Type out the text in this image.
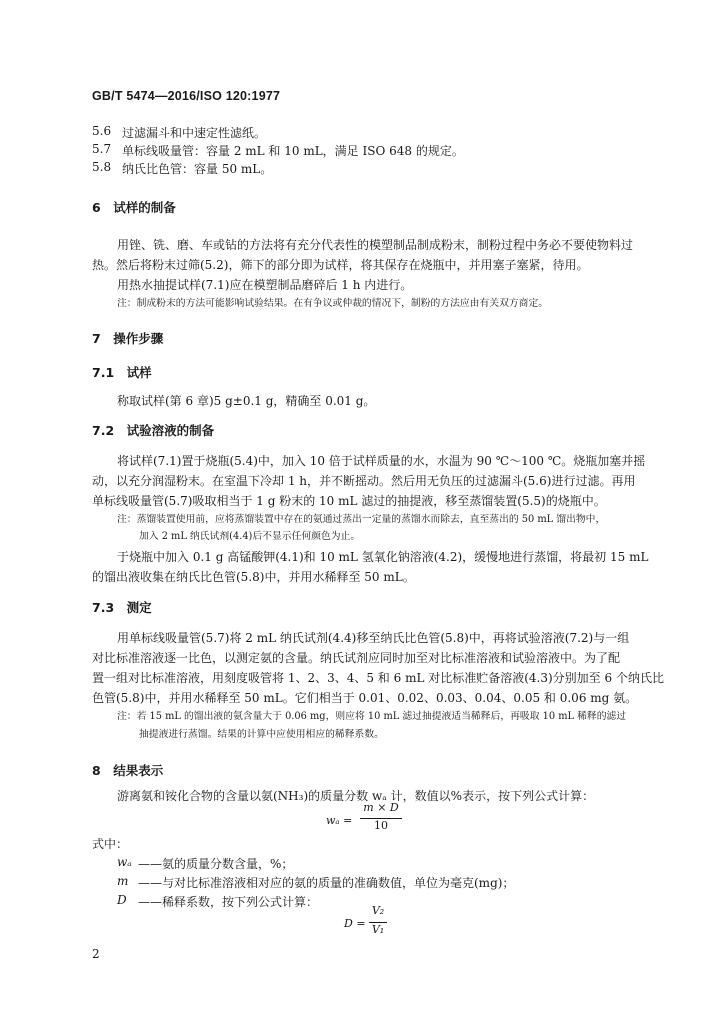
GB/T 5474—2016/ISO 120:1977
5.6 过滤漏斗和中速定性滤纸。
5.7 单标线吸量管：容量 2 mL 和 10 mL，满足 ISO 648 的规定。
5.8 纳氏比色管：容量 50 mL。
6　试样的制备
用锉、铣、磨、车或钻的方法将有充分代表性的模塑制品制成粉末，制粉过程中务必不要使物料过
热。然后将粉末过筛(5.2)，筛下的部分即为试样，将其保存在烧瓶中，并用塞子塞紧，待用。
用热水抽提试样(7.1)应在模塑制品磨碎后 1 h 内进行。
注：制成粉末的方法可能影响试验结果。在有争议或仲裁的情况下，制粉的方法应由有关双方商定。
7　操作步骤
7.1　试样
称取试样(第 6 章)5 g±0.1 g，精确至 0.01 g。
7.2　试验溶液的制备
将试样(7.1)置于烧瓶(5.4)中，加入 10 倍于试样质量的水，水温为 90 ℃～100 ℃。烧瓶加塞并摇
动，以充分润湿粉末。在室温下冷却 1 h，并不断摇动。然后用无负压的过滤漏斗(5.6)进行过滤。再用
单标线吸量管(5.7)吸取相当于 1 g 粉末的 10 mL 滤过的抽提液，移至蒸馏装置(5.5)的烧瓶中。
注：蒸馏装置使用前，应将蒸馏装置中存在的氨通过蒸出一定量的蒸馏水而除去，直至蒸出的 50 mL 馏出物中，
加入 2 mL 纳氏试剂(4.4)后不显示任何颜色为止。
于烧瓶中加入 0.1 g 高锰酸钾(4.1)和 10 mL 氢氧化钠溶液(4.2)，缓慢地进行蒸馏，将最初 15 mL
的馏出液收集在纳氏比色管(5.8)中，并用水稀释至 50 mL。
7.3　测定
用单标线吸量管(5.7)将 2 mL 纳氏试剂(4.4)移至纳氏比色管(5.8)中，再将试验溶液(7.2)与一组
对比标准溶液逐一比色，以测定氨的含量。纳氏试剂应同时加至对比标准溶液和试验溶液中。为了配
置一组对比标准溶液，用刻度吸管将 1、2、3、4、5 和 6 mL 对比标准贮备溶液(4.3)分别加至 6 个纳氏比
色管(5.8)中，并用水稀释至 50 mL。它们相当于 0.01、0.02、0.03、0.04、0.05 和 0.06 mg 氨。
注：若 15 mL 的馏出液的氨含量大于 0.06 mg，则应将 10 mL 滤过抽提液适当稀释后，再吸取 10 mL 稀释的滤过
抽提液进行蒸馏。结果的计算中应使用相应的稀释系数。
8　结果表示
游离氨和铵化合物的含量以氨(NH₃)的质量分数 wₐ 计，数值以%表示，按下列公式计算：
wₐ =
m × D
10
式中：
wₐ ——氨的质量分数含量，%；
m ——与对比标准溶液相对应的氨的质量的准确数值，单位为毫克(mg)；
D ——稀释系数，按下列公式计算：
D =
V₂
V₁
2
